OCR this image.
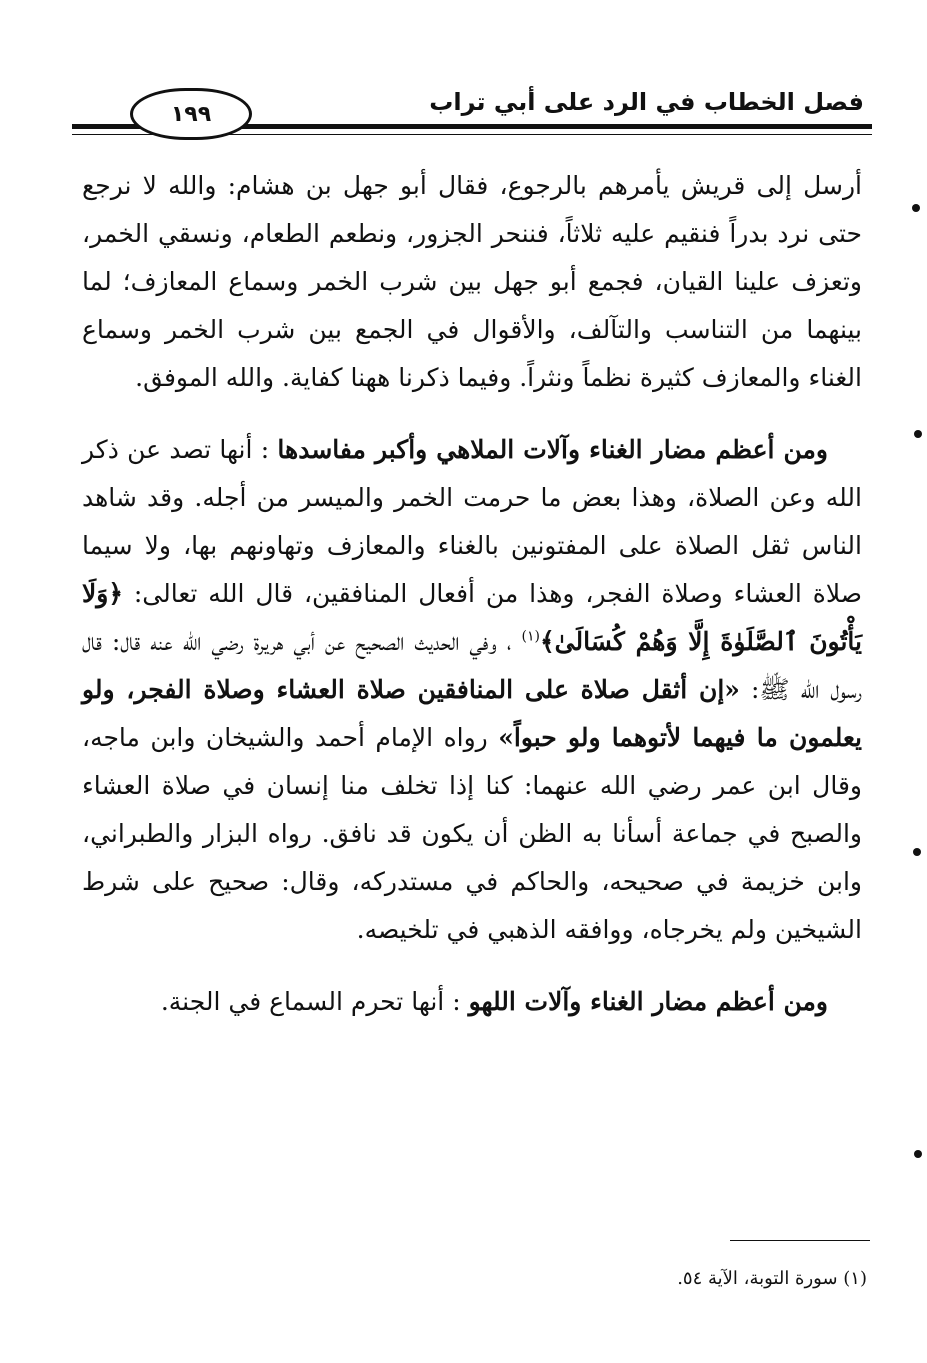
فصل الخطاب في الرد على أبي تراب
١٩٩

أرسل إلى قريش يأمرهم بالرجوع، فقال أبو جهل بن هشام: والله لا نرجع حتى نرد بدراً فنقيم عليه ثلاثاً، فننحر الجزور، ونطعم الطعام، ونسقي الخمر، وتعزف علينا القيان، فجمع أبو جهل بين شرب الخمر وسماع المعازف؛ لما بينهما من التناسب والتآلف، والأقوال في الجمع بين شرب الخمر وسماع الغناء والمعازف كثيرة نظماً ونثراً. وفيما ذكرنا ههنا كفاية. والله الموفق.

ومن أعظم مضار الغناء وآلات الملاهي وأكبر مفاسدها : أنها تصد عن ذكر الله وعن الصلاة، وهذا بعض ما حرمت الخمر والميسر من أجله. وقد شاهد الناس ثقل الصلاة على المفتونين بالغناء والمعازف وتهاونهم بها، ولا سيما صلاة العشاء وصلاة الفجر، وهذا من أفعال المنافقين، قال الله تعالى: ﴿وَلَا يَأْتُونَ ٱلصَّلَوٰةَ إِلَّا وَهُمْ كُسَالَىٰ﴾$^{(١)}$ ، وفي الحديث الصحيح عن أبي هريرة رضي الله عنه قال: قال رسول الله ﷺ: «إن أثقل صلاة على المنافقين صلاة العشاء وصلاة الفجر، ولو يعلمون ما فيهما لأتوهما ولو حبواً» رواه الإمام أحمد والشيخان وابن ماجه، وقال ابن عمر رضي الله عنهما: كنا إذا تخلف منا إنسان في صلاة العشاء والصبح في جماعة أسأنا به الظن أن يكون قد نافق. رواه البزار والطبراني، وابن خزيمة في صحيحه، والحاكم في مستدركه، وقال: صحيح على شرط الشيخين ولم يخرجاه، ووافقه الذهبي في تلخيصه.

ومن أعظم مضار الغناء وآلات اللهو : أنها تحرم السماع في الجنة.

(١) سورة التوبة، الآية ٥٤.
